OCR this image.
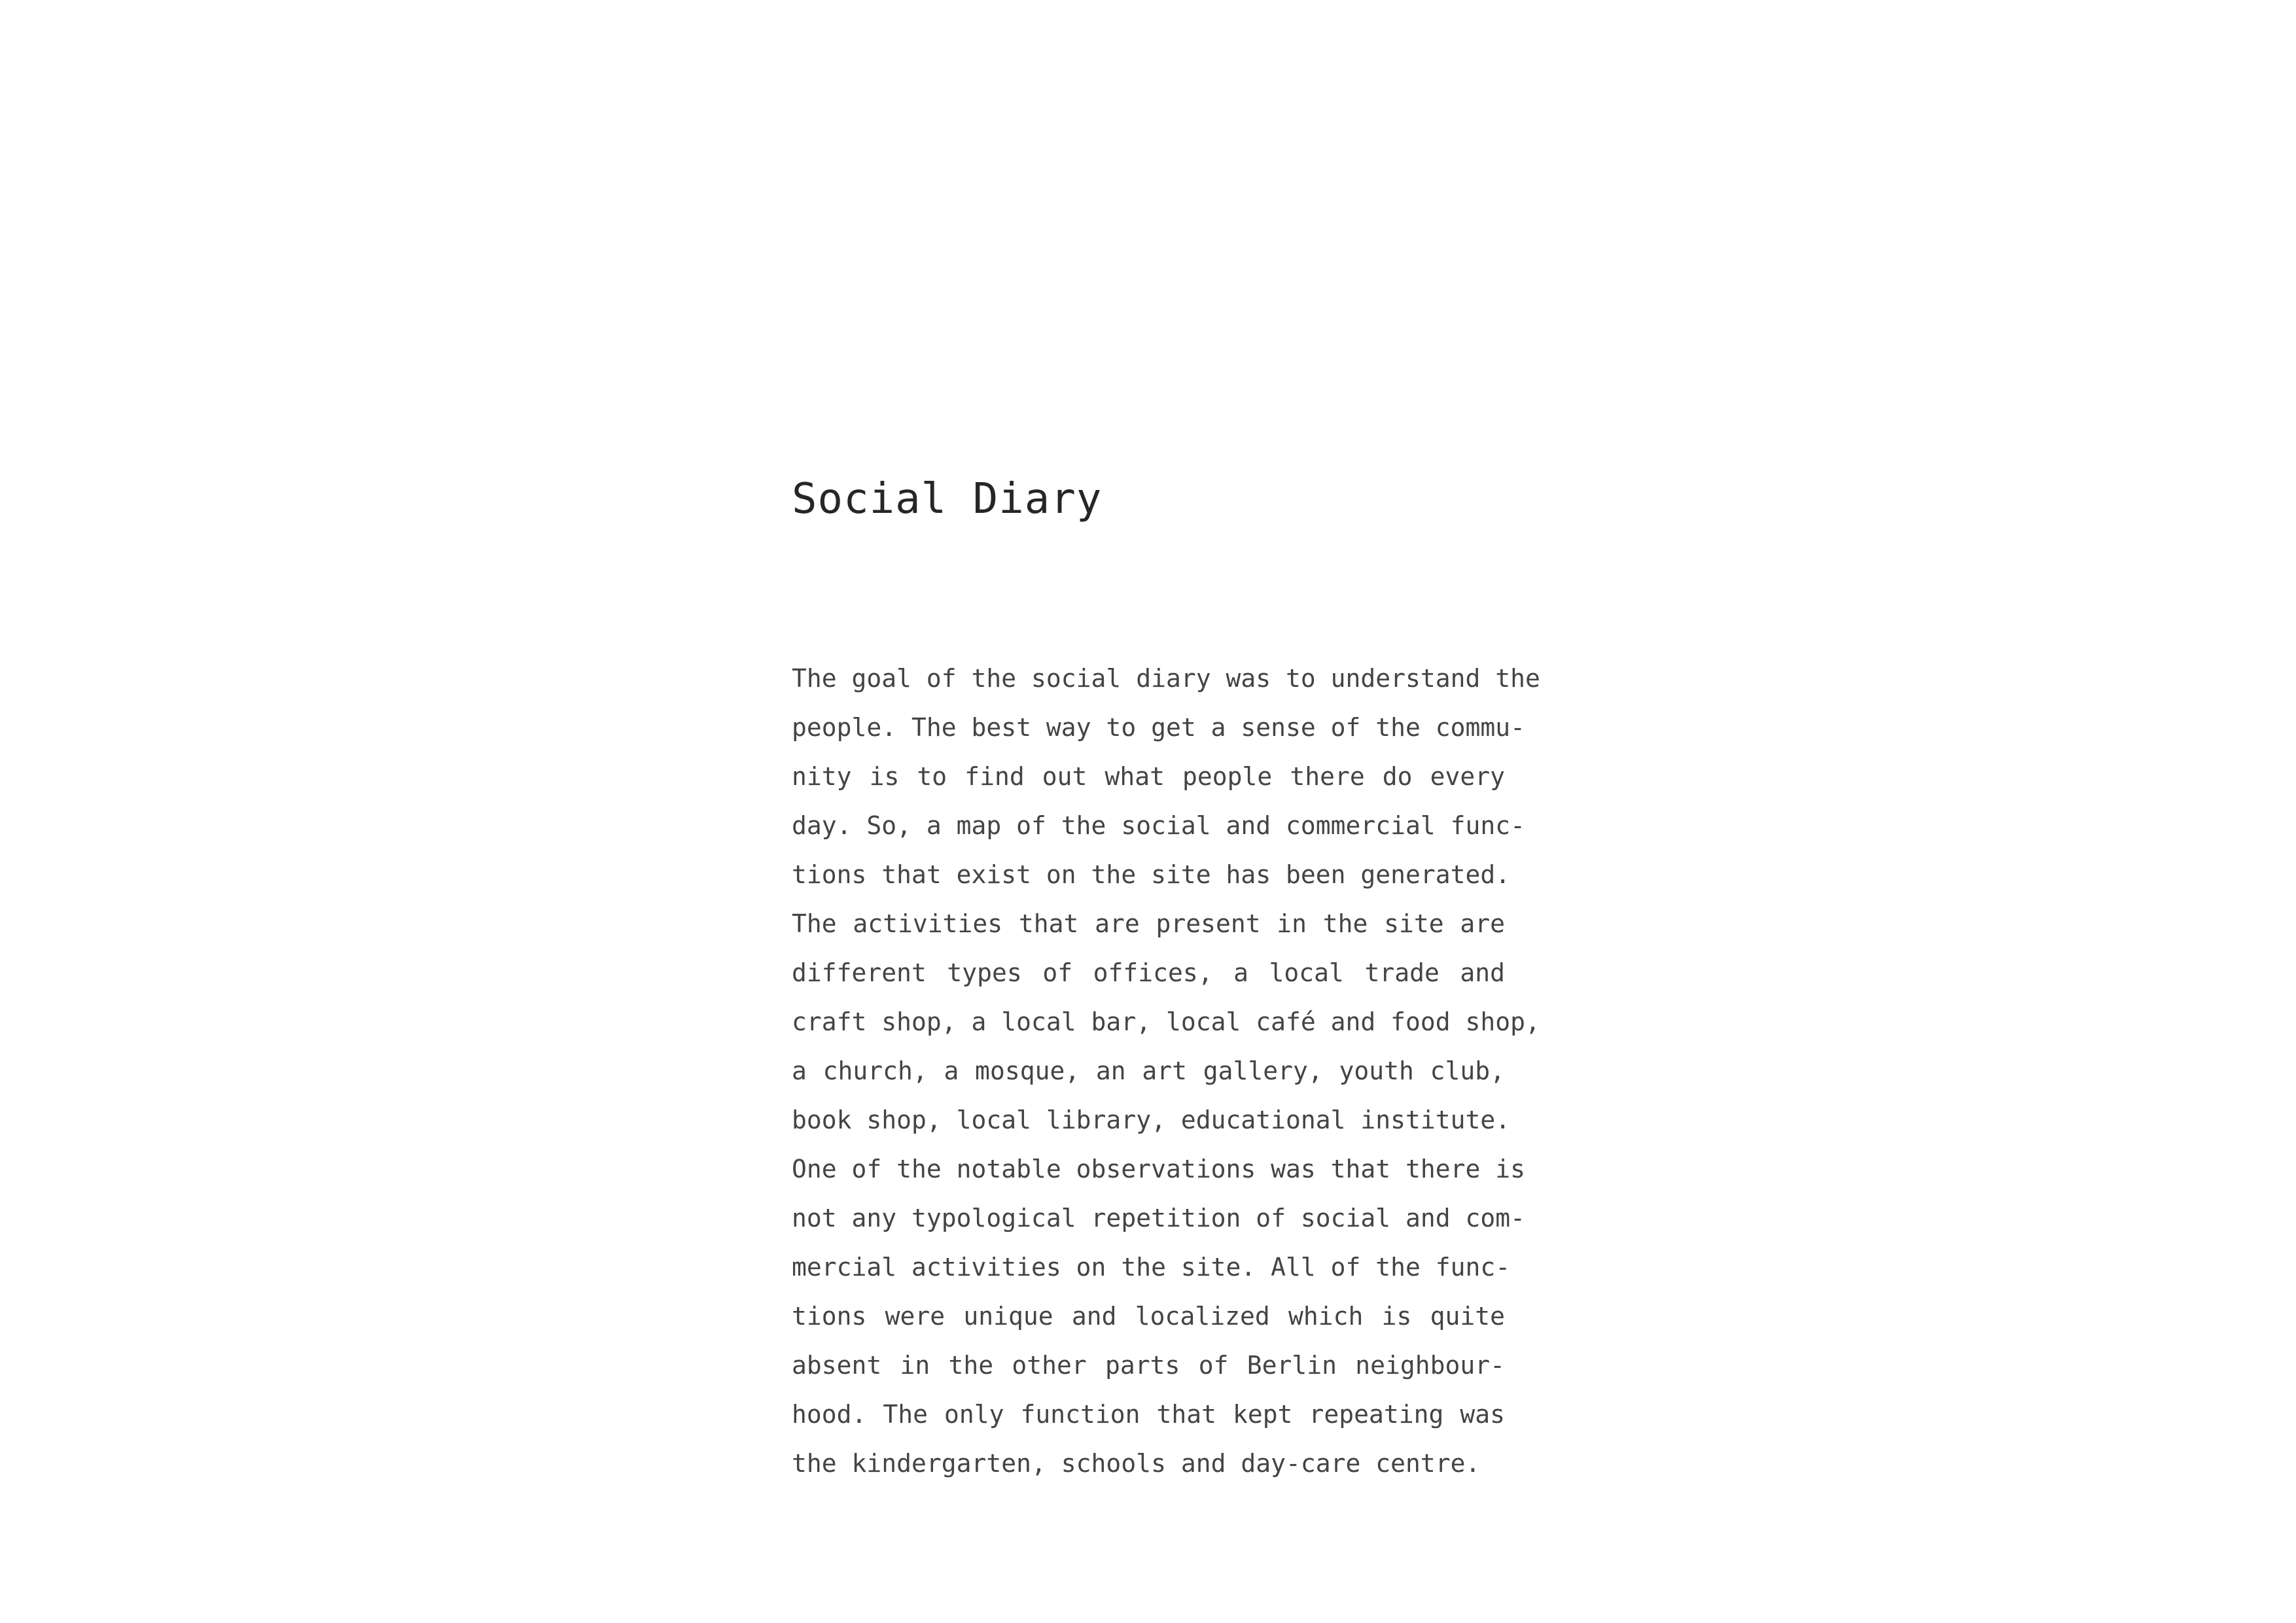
Social Diary
The goal of the social diary was to understand the
people. The best way to get a sense of the commu-
nity is to find out what people there do every
day. So, a map of the social and commercial func-
tions that exist on the site has been generated.
The activities that are present in the site are
different types of offices, a local trade and
craft shop, a local bar, local café and food shop,
a church, a mosque, an art gallery, youth club,
book shop, local library, educational institute.
One of the notable observations was that there is
not any typological repetition of social and com-
mercial activities on the site. All of the func-
tions were unique and localized which is quite
absent in the other parts of Berlin neighbour-
hood. The only function that kept repeating was
the kindergarten, schools and day-care centre.
